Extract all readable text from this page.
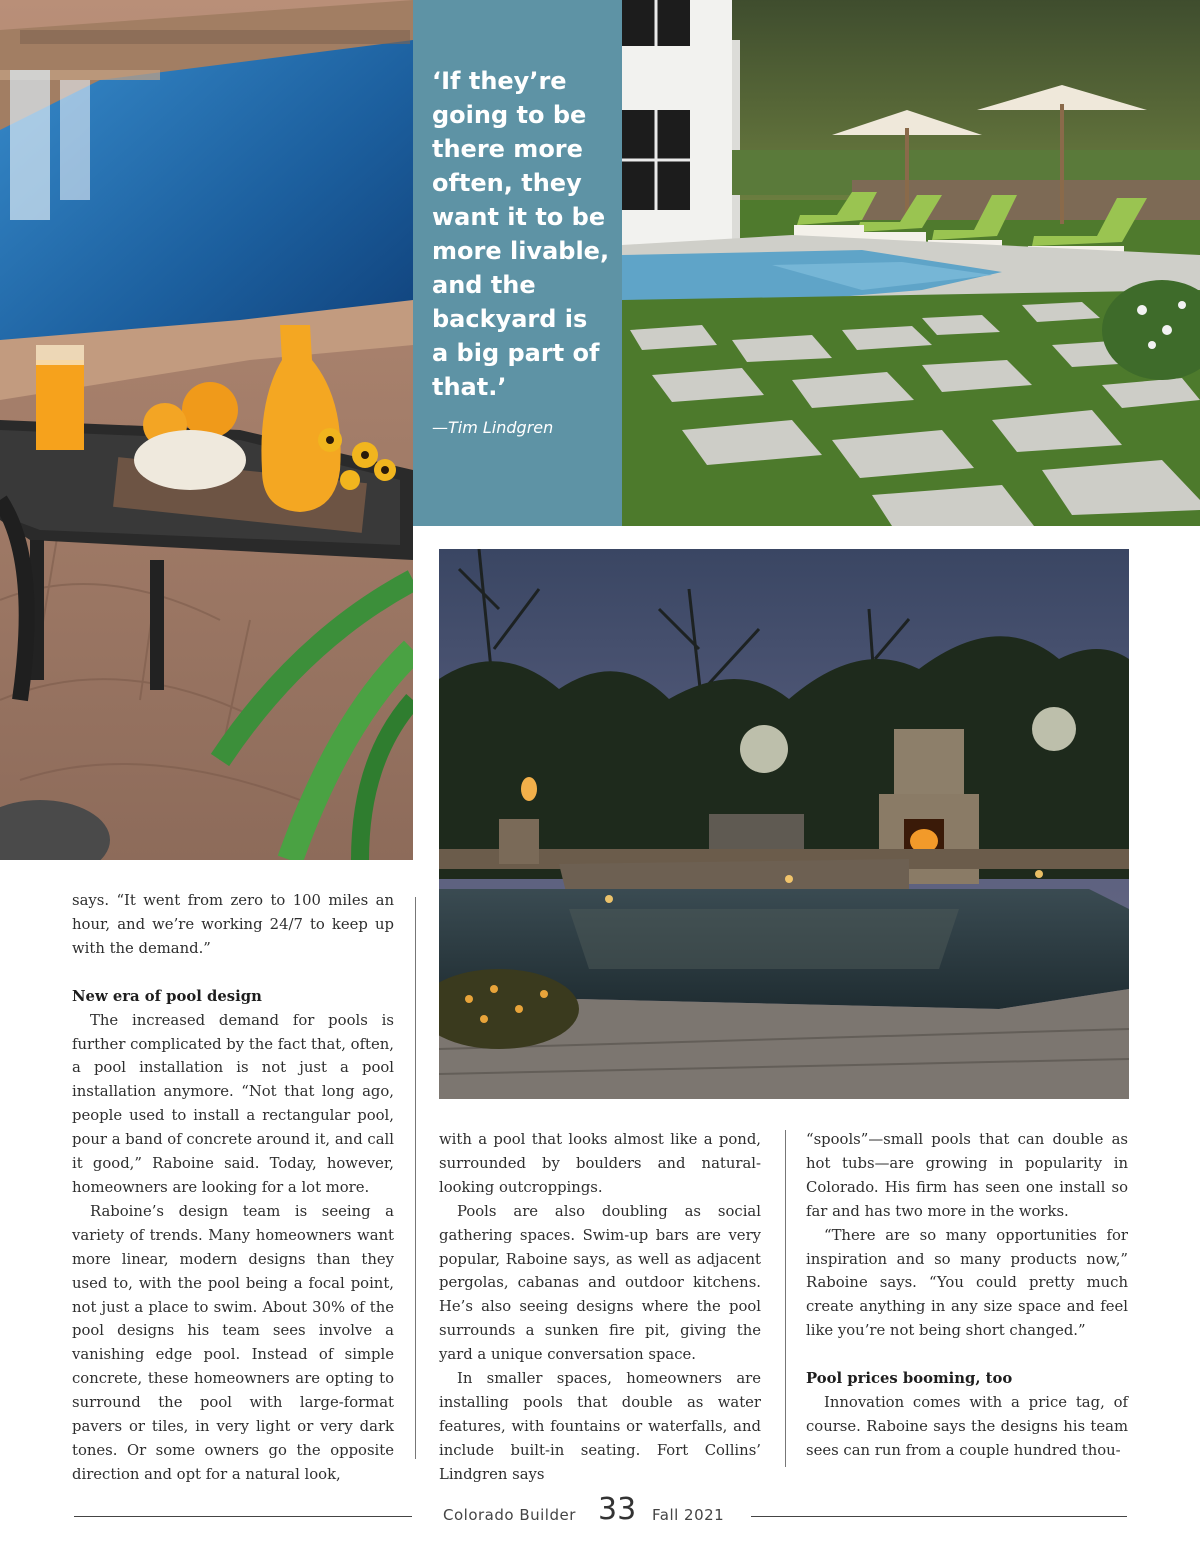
‘If they’re
going to be
there more
often, they
want it to be
more livable,
and the
backyard is
a big part of
that.’
—Tim Lindgren

says. “It went from zero to 100 miles an hour, and we’re working 24/7 to keep up with the demand.”

New era of pool design

The increased demand for pools is further complicated by the fact that, often, a pool installation is not just a pool installation anymore. “Not that long ago, people used to install a rectangular pool, pour a band of concrete around it, and call it good,” Raboine said. Today, however, homeowners are looking for a lot more.

Raboine’s design team is seeing a variety of trends. Many homeowners want more linear, modern designs than they used to, with the pool being a focal point, not just a place to swim. About 30% of the pool designs his team sees involve a vanishing edge pool. Instead of simple concrete, these homeowners are opting to surround the pool with large-format pavers or tiles, in very light or very dark tones. Or some owners go the opposite direction and opt for a natural look,

with a pool that looks almost like a pond, surrounded by boulders and natural-looking outcroppings.

Pools are also doubling as social gathering spaces. Swim-up bars are very popular, Raboine says, as well as adjacent pergolas, cabanas and outdoor kitchens. He’s also seeing designs where the pool surrounds a sunken fire pit, giving the yard a unique conversation space.

In smaller spaces, homeowners are installing pools that double as water features, with fountains or waterfalls, and include built-in seating. Fort Collins’ Lindgren says

“spools”—small pools that can double as hot tubs—are growing in popularity in Colorado. His firm has seen one install so far and has two more in the works.

“There are so many opportunities for inspiration and so many products now,” Raboine says. “You could pretty much create anything in any size space and feel like you’re not being short changed.”

Pool prices booming, too

Innovation comes with a price tag, of course. Raboine says the designs his team sees can run from a couple hundred thou-

Colorado Builder 33 Fall 2021
